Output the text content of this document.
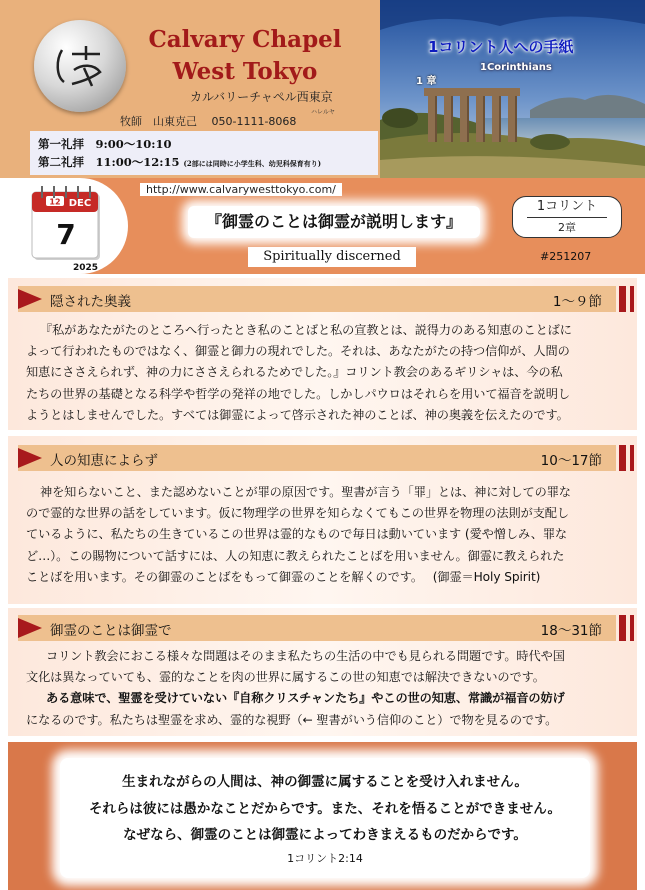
Calvary Chapel
West Tokyo
ハレルヤ
カルバリーチャペル西東京
牧師　山東克己　 050-1111-8068
第一礼拝　9:00〜10:10
第二礼拝　11:00〜12:15 (2部には同時に小学生科、幼児科保育有り)
1コリント人への手紙
1Corinthians
1 章
12 DEC
7
2025
http://www.calvarywesttokyo.com/
『御霊のことは御霊が説明します』
Spiritually discerned
1コリント
2章
#251207
隠された奥義	1〜９節
『私があなたがたのところへ行ったとき私のことばと私の宣教とは、説得力のある知恵のことばに
よって行われたものではなく、御霊と御力の現れでした。それは、あなたがたの持つ信仰が、人間の
知恵にささえられず、神の力にささえられるためでした。』コリント教会のあるギリシャは、今の私
たちの世界の基礎となる科学や哲学の発祥の地でした。しかしパウロはそれらを用いて福音を説明し
ようとはしませんでした。すべては御霊によって啓示された神のことば、神の奥義を伝えたのです。
人の知恵によらず	10〜17節
神を知らないこと、また認めないことが罪の原因です。聖書が言う「罪」とは、神に対しての罪な
ので霊的な世界の話をしています。仮に物理学の世界を知らなくてもこの世界を物理の法則が支配し
ているように、私たちの生きているこの世界は霊的なもので毎日は動いています (愛や憎しみ、罪な
ど…）。この賜物について話すには、人の知恵に教えられたことばを用いません。御霊に教えられた
ことばを用います。その御霊のことばをもって御霊のことを解くのです。　 (御霊＝Holy Spirit)
御霊のことは御霊で	18〜31節
コリント教会におこる様々な問題はそのまま私たちの生活の中でも見られる問題です。時代や国
文化は異なっていても、霊的なことを肉の世界に属するこの世の知恵では解決できないのです。
ある意味で、聖霊を受けていない『自称クリスチャンたち』やこの世の知恵、常識が福音の妨げ
になるのです。私たちは聖霊を求め、霊的な視野（← 聖書がいう信仰のこと）で物を見るのです。
生まれながらの人間は、神の御霊に属することを受け入れません。
それらは彼には愚かなことだからです。また、それを悟ることができません。
なぜなら、御霊のことは御霊によってわきまえるものだからです。
1コリント2:14
